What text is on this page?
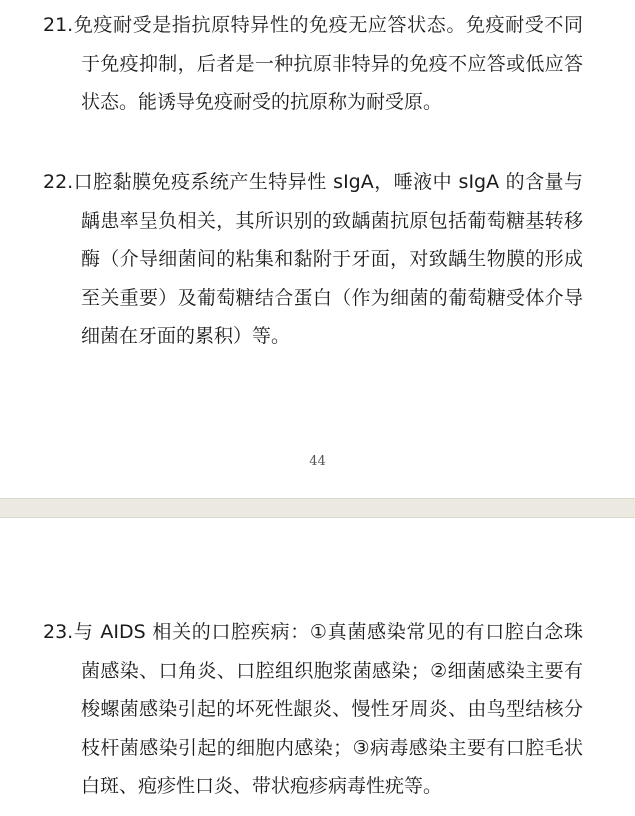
21.免疫耐受是指抗原特异性的免疫无应答状态。免疫耐受不同于免疫抑制，后者是一种抗原非特异的免疫不应答或低应答状态。能诱导免疫耐受的抗原称为耐受原。

22.口腔黏膜免疫系统产生特异性 sIgA，唾液中 sIgA 的含量与龋患率呈负相关，其所识别的致龋菌抗原包括葡萄糖基转移酶（介导细菌间的粘集和黏附于牙面，对致龋生物膜的形成至关重要）及葡萄糖结合蛋白（作为细菌的葡萄糖受体介导细菌在牙面的累积）等。

44

23.与 AIDS 相关的口腔疾病：①真菌感染常见的有口腔白念珠菌感染、口角炎、口腔组织胞浆菌感染；②细菌感染主要有梭螺菌感染引起的坏死性龈炎、慢性牙周炎、由鸟型结核分枝杆菌感染引起的细胞内感染；③病毒感染主要有口腔毛状白斑、疱疹性口炎、带状疱疹病毒性疣等。
